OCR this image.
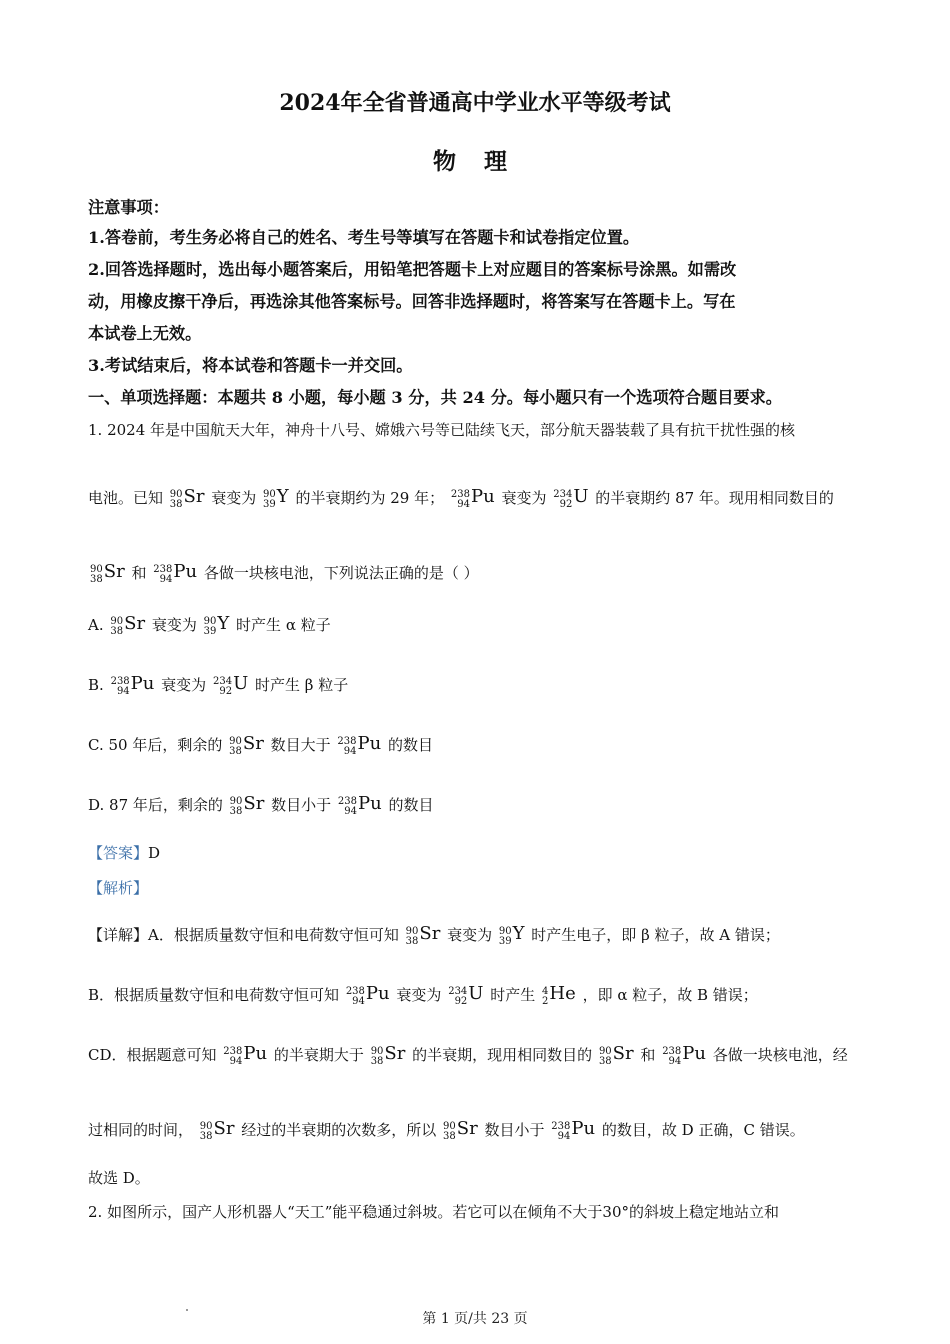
2024年全省普通高中学业水平等级考试
物 理
注意事项：
1.答卷前，考生务必将自己的姓名、考生号等填写在答题卡和试卷指定位置。
2.回答选择题时，选出每小题答案后，用铅笔把答题卡上对应题目的答案标号涂黑。如需改
动，用橡皮擦干净后，再选涂其他答案标号。回答非选择题时，将答案写在答题卡上。写在
本试卷上无效。
3.考试结束后，将本试卷和答题卡一并交回。
一、单项选择题：本题共 8 小题，每小题 3 分，共 24 分。每小题只有一个选项符合题目要求。
1. 2024 年是中国航天大年，神舟十八号、嫦娥六号等已陆续飞天，部分航天器装载了具有抗干扰性强的核
电池。已知 90
38 Sr 衰变为 90
39 Y 的半衰期约为 29 年； 238
94 Pu 衰变为 234
92 U 的半衰期约 87 年。现用相同数目的
90
38 Sr 和 238
94 Pu 各做一块核电池，下列说法正确的是（ ）
A. 90
38 Sr 衰变为 90
39 Y 时产生 α 粒子
B. 238
94 Pu 衰变为 234
92 U 时产生 β 粒子
C. 50 年后，剩余的 90
38 Sr 数目大于 238
94 Pu 的数目
D. 87 年后，剩余的 90
38 Sr 数目小于 238
94 Pu 的数目
【答案】D
【解析】
【详解】A．根据质量数守恒和电荷数守恒可知 90
38 Sr 衰变为 90
39 Y 时产生电子，即 β 粒子，故 A 错误；
B．根据质量数守恒和电荷数守恒可知 238
94 Pu 衰变为 234
92 U 时产生 4
2 He ，即 α 粒子，故 B 错误；
CD．根据题意可知 238
94 Pu 的半衰期大于 90
38 Sr 的半衰期，现用相同数目的 90
38 Sr 和 238
94 Pu 各做一块核电池，经
过相同的时间， 90
38 Sr 经过的半衰期的次数多，所以 90
38 Sr 数目小于 238
94 Pu 的数目，故 D 正确，C 错误。
故选 D。
2. 如图所示，国产人形机器人“天工”能平稳通过斜坡。若它可以在倾角不大于30°的斜坡上稳定地站立和
第 1 页/共 23 页
